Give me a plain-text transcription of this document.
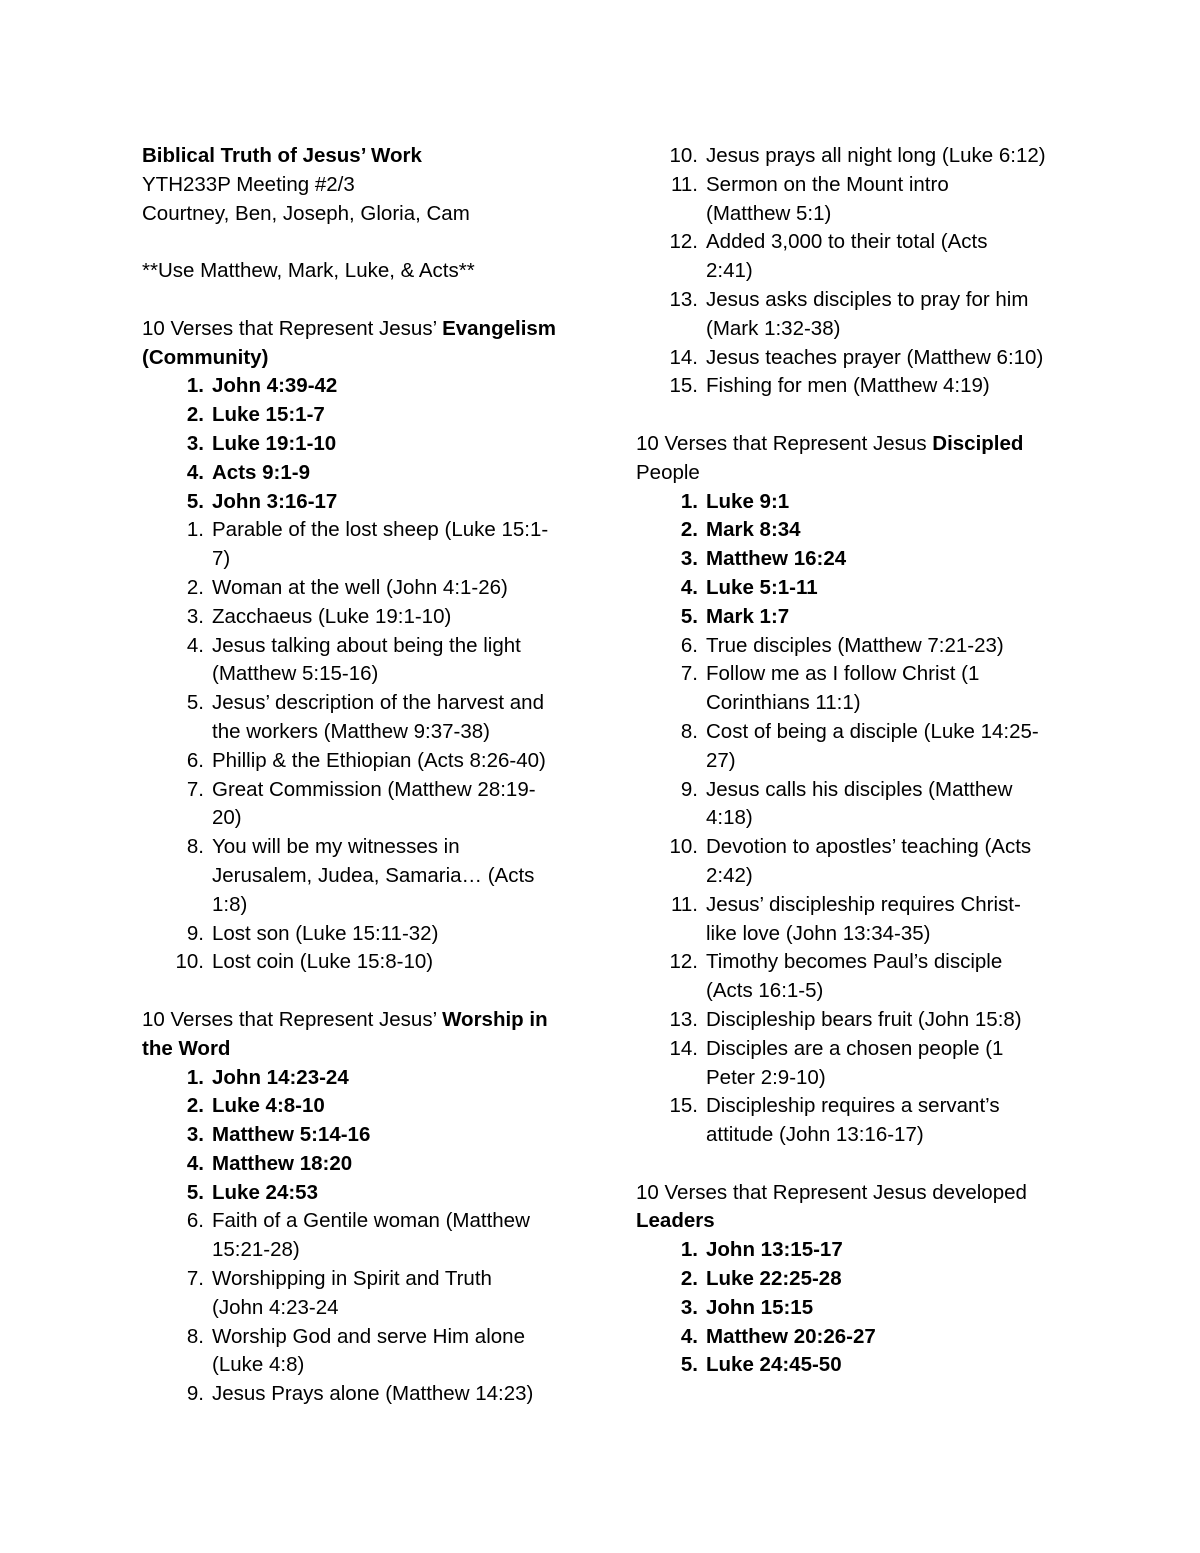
Biblical Truth of Jesus’ Work
YTH233P Meeting #2/3
Courtney, Ben, Joseph, Gloria, Cam
**Use Matthew, Mark, Luke, & Acts**
10 Verses that Represent Jesus’ Evangelism
(Community)
1. John 4:39-42
2. Luke 15:1-7
3. Luke 19:1-10
4. Acts 9:1-9
5. John 3:16-17
1. Parable of the lost sheep (Luke 15:1-
7)
2. Woman at the well (John 4:1-26)
3. Zacchaeus (Luke 19:1-10)
4. Jesus talking about being the light
(Matthew 5:15-16)
5. Jesus’ description of the harvest and
the workers (Matthew 9:37-38)
6. Phillip & the Ethiopian (Acts 8:26-40)
7. Great Commission (Matthew 28:19-
20)
8. You will be my witnesses in
Jerusalem, Judea, Samaria… (Acts
1:8)
9. Lost son (Luke 15:11-32)
10. Lost coin (Luke 15:8-10)
10 Verses that Represent Jesus’ Worship in
the Word
1. John 14:23-24
2. Luke 4:8-10
3. Matthew 5:14-16
4. Matthew 18:20
5. Luke 24:53
6. Faith of a Gentile woman (Matthew
15:21-28)
7. Worshipping in Spirit and Truth
(John 4:23-24
8. Worship God and serve Him alone
(Luke 4:8)
9. Jesus Prays alone (Matthew 14:23)
10. Jesus prays all night long (Luke 6:12)
11. Sermon on the Mount intro
(Matthew 5:1)
12. Added 3,000 to their total (Acts
2:41)
13. Jesus asks disciples to pray for him
(Mark 1:32-38)
14. Jesus teaches prayer (Matthew 6:10)
15. Fishing for men (Matthew 4:19)
10 Verses that Represent Jesus Discipled
People
1. Luke 9:1
2. Mark 8:34
3. Matthew 16:24
4. Luke 5:1-11
5. Mark 1:7
6. True disciples (Matthew 7:21-23)
7. Follow me as I follow Christ (1
Corinthians 11:1)
8. Cost of being a disciple (Luke 14:25-
27)
9. Jesus calls his disciples (Matthew
4:18)
10. Devotion to apostles’ teaching (Acts
2:42)
11. Jesus’ discipleship requires Christ-
like love (John 13:34-35)
12. Timothy becomes Paul’s disciple
(Acts 16:1-5)
13. Discipleship bears fruit (John 15:8)
14. Disciples are a chosen people (1
Peter 2:9-10)
15. Discipleship requires a servant’s
attitude (John 13:16-17)
10 Verses that Represent Jesus developed
Leaders
1. John 13:15-17
2. Luke 22:25-28
3. John 15:15
4. Matthew 20:26-27
5. Luke 24:45-50
